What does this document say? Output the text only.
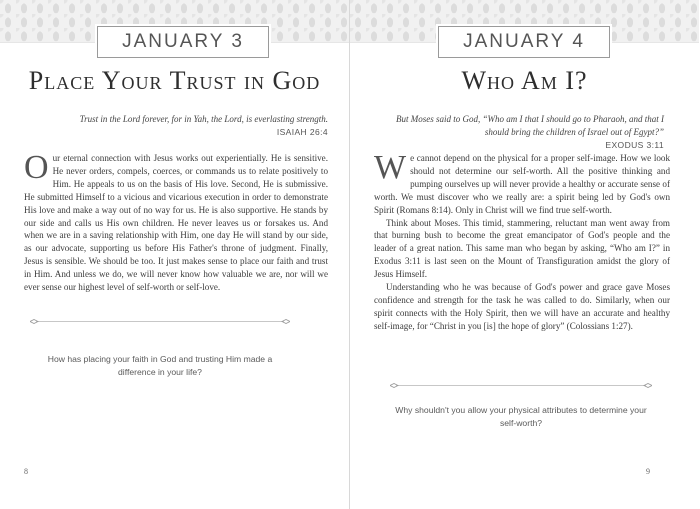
JANUARY 3
Place Your Trust in God
Trust in the Lord forever, for in Yah, the Lord, is everlasting strength.
ISAIAH 26:4

Our eternal connection with Jesus works out experientially. He is sensitive. He never orders, compels, coerces, or commands us to relate positively to Him. He appeals to us on the basis of His love. Second, He is submissive. He submitted Himself to a vicious and vicarious execution in order to demonstrate His love and make a way out of no way for us. He is also supportive. He stands by our side and calls us His own children. He never leaves us or forsakes us. And when we are in a saving relationship with Him, one day He will stand by our side, as our advocate, supporting us before His Father's throne of judgment. Finally, Jesus is sensible. We should be too. It just makes sense to place our faith and trust in Him. And unless we do, we will never know how valuable we are, nor will we ever sense our highest level of self-worth or self-love.

How has placing your faith in God and trusting Him made a difference in your life?
8
JANUARY 4
Who Am I?
But Moses said to God, “Who am I that I should go to Pharaoh, and that I should bring the children of Israel out of Egypt?”
EXODUS 3:11

We cannot depend on the physical for a proper self-image. How we look should not determine our self-worth. All the positive thinking and pumping ourselves up will never provide a healthy or accurate sense of worth. We must discover who we really are: a spirit being led by God's own Spirit (Romans 8:14). Only in Christ will we find true self-worth.

Think about Moses. This timid, stammering, reluctant man went away from that burning bush to become the great emancipator of God's people and the leader of a great nation. This same man who began by asking, “Who am I?” in Exodus 3:11 is last seen on the Mount of Transfiguration amidst the glory of Jesus Himself.

Understanding who he was because of God's power and grace gave Moses confidence and strength for the task he was called to do. Similarly, when our spirit connects with the Holy Spirit, then we will have an accurate and healthy self-image, for “Christ in you [is] the hope of glory” (Colossians 1:27).

Why shouldn't you allow your physical attributes to determine your self-worth?
9
